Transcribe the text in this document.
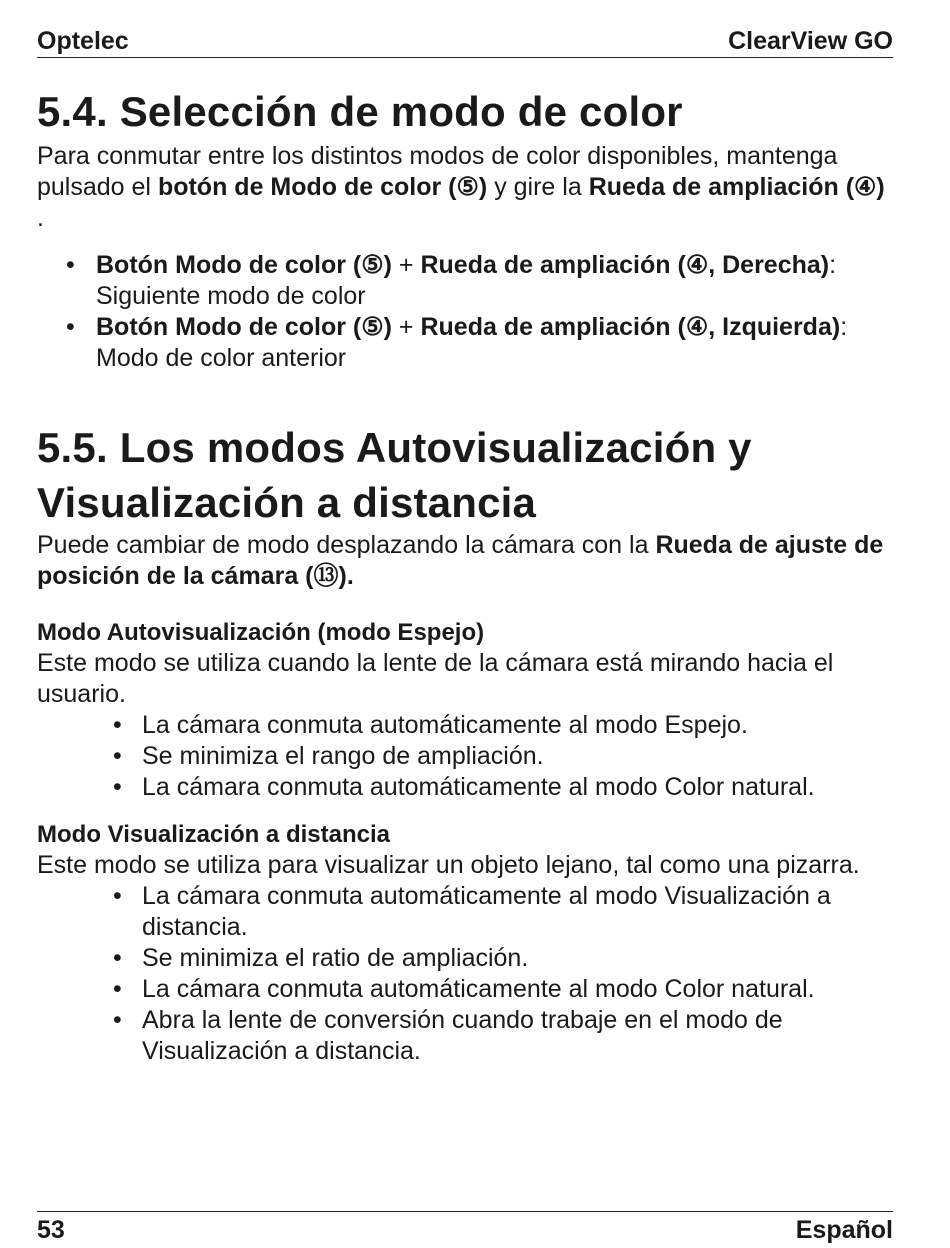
Optelec	ClearView GO
5.4. Selección de modo de color

Para conmutar entre los distintos modos de color disponibles, mantenga pulsado el botón de Modo de color (⑤) y gire la Rueda de ampliación (④) .

• Botón Modo de color (⑤) + Rueda de ampliación (④, Derecha): Siguiente modo de color
• Botón Modo de color (⑤) + Rueda de ampliación (④, Izquierda): Modo de color anterior
5.5. Los modos Autovisualización y Visualización a distancia

Puede cambiar de modo desplazando la cámara con la Rueda de ajuste de posición de la cámara (⑬).

Modo Autovisualización (modo Espejo)

Este modo se utiliza cuando la lente de la cámara está mirando hacia el usuario.

• La cámara conmuta automáticamente al modo Espejo.
• Se minimiza el rango de ampliación.
• La cámara conmuta automáticamente al modo Color natural.
Modo Visualización a distancia

Este modo se utiliza para visualizar un objeto lejano, tal como una pizarra.

• La cámara conmuta automáticamente al modo Visualización a distancia.
• Se minimiza el ratio de ampliación.
• La cámara conmuta automáticamente al modo Color natural.
• Abra la lente de conversión cuando trabaje en el modo de Visualización a distancia.
53	Español
